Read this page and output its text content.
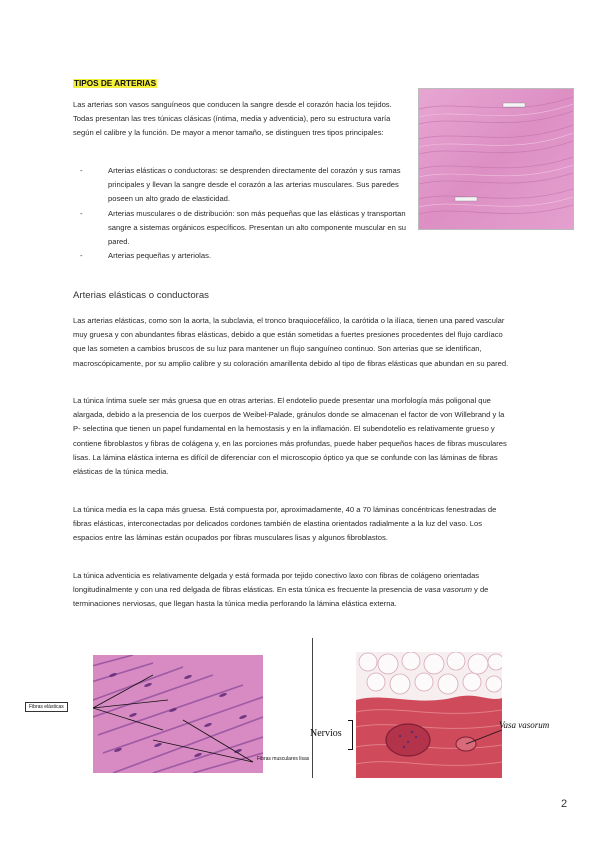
TIPOS DE ARTERIAS

Las arterias son vasos sanguíneos que conducen la sangre desde el corazón hacia los tejidos. Todas presentan las tres túnicas clásicas (íntima, media y adventicia), pero su estructura varía según el calibre y la función. De mayor a menor tamaño, se distinguen tres tipos principales:

- Arterias elásticas o conductoras: se desprenden directamente del corazón y sus ramas principales y llevan la sangre desde el corazón a las arterias musculares. Sus paredes poseen un alto grado de elasticidad.
- Arterias musculares o de distribución: son más pequeñas que las elásticas y transportan sangre a sistemas orgánicos específicos. Presentan un alto componente muscular en su pared.
- Arterias pequeñas y arteriolas.

Arterias elásticas o conductoras

Las arterias elásticas, como son la aorta, la subclavia, el tronco braquiocefálico, la carótida o la ilíaca, tienen una pared vascular muy gruesa y con abundantes fibras elásticas, debido a que están sometidas a fuertes presiones procedentes del flujo cardíaco que las someten a cambios bruscos de su luz para mantener un flujo sanguíneo continuo. Son arterias que se identifican, macroscópicamente, por su amplio calibre y su coloración amarillenta debido al tipo de fibras elásticas que abundan en su pared.

La túnica íntima suele ser más gruesa que en otras arterias. El endotelio puede presentar una morfología más poligonal que alargada, debido a la presencia de los cuerpos de Weibel-Palade, gránulos donde se almacenan el factor de von Willebrand y la P- selectina que tienen un papel fundamental en la hemostasis y en la inflamación. El subendotelio es relativamente grueso y contiene fibroblastos y fibras de colágena y, en las porciones más profundas, puede haber pequeños haces de fibras musculares lisas. La lámina elástica interna es difícil de diferenciar con el microscopio óptico ya que se confunde con las láminas de fibras elásticas de la túnica media.

La túnica media es la capa más gruesa. Está compuesta por, aproximadamente, 40 a 70 láminas concéntricas fenestradas de fibras elásticas, interconectadas por delicados cordones también de elastina orientados radialmente a la luz del vaso. Los espacios entre las láminas están ocupados por fibras musculares lisas y algunos fibroblastos.

La túnica adventicia es relativamente delgada y está formada por tejido conectivo laxo con fibras de colágeno orientadas longitudinalmente y con una red delgada de fibras elásticas. En esta túnica es frecuente la presencia de vasa vasorum y de terminaciones nerviosas, que llegan hasta la túnica media perforando la lámina elástica externa.

Fibras elásticas
Fibras musculares lisas
Nervios
Vasa vasorum
2
